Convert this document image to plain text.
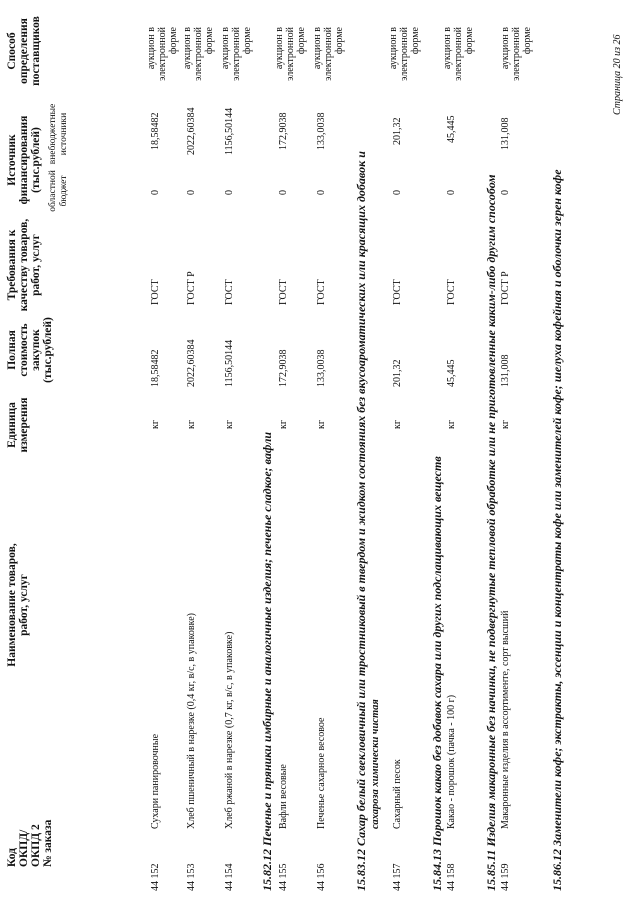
Код ОКПД/ ОКПД 2 № заказа
Наименование товаров, работ, услуг
Единица измерения
Полная стоимость закупок (тыс.рублей)
Требования к качеству товаров, работ, услуг
Источник финансирования (тыс.рублей) областной бюджет
внебюджетные источники
Способ определения поставщиков
44 152
Сухари панировочные
кг
18,58482
ГОСТ
0
18,58482
аукцион в электронной форме
44 153
Хлеб пшеничный в нарезке (0,4 кг, в/с, в упаковке)
кг
2022,60384
ГОСТ Р
0
2022,60384
аукцион в электронной форме
44 154
Хлеб ржаной в нарезке (0,7 кг, в/с, в упаковке)
кг
1156,50144
ГОСТ
0
1156,50144
аукцион в электронной форме
15.82.12 Печенье и пряники имбирные и аналогичные изделия; печенье сладкое; вафли 44 155
Вафли весовые
кг
172,9038
ГОСТ
0
172,9038
аукцион в электронной форме
44 156
Печенье сахарное весовое
кг
133,0038
ГОСТ
0
133,0038
аукцион в электронной форме
15.83.12 Сахар белый свекловичный или тростниковый в твердом и жидком состояниях без вкусоароматических или красящих добавок и сахароза химически чистая
44 157
Сахарный песок
кг
201,32
ГОСТ
0
201,32
аукцион в электронной форме
15.84.13 Порошок какао без добавок сахара или других подслащивающих веществ 44 158
Какао - порошок (пачка - 100 г)
кг
45,445
ГОСТ
0
45,445
аукцион в электронной форме
15.85.11 Изделия макаронные без начинки, не подвергнутые тепловой обработке или не приготовленные каким-либо другим способом 44 159
Макаронные изделия в ассортименте, сорт высший
кг
131,008
ГОСТ Р
0
131,008
аукцион в электронной форме
15.86.12 Заменители кофе; экстракты, эссенции и концентраты кофе или заменителей кофе; шелуха кофейная и оболочки зерен кофе
Страница 20 из 26
